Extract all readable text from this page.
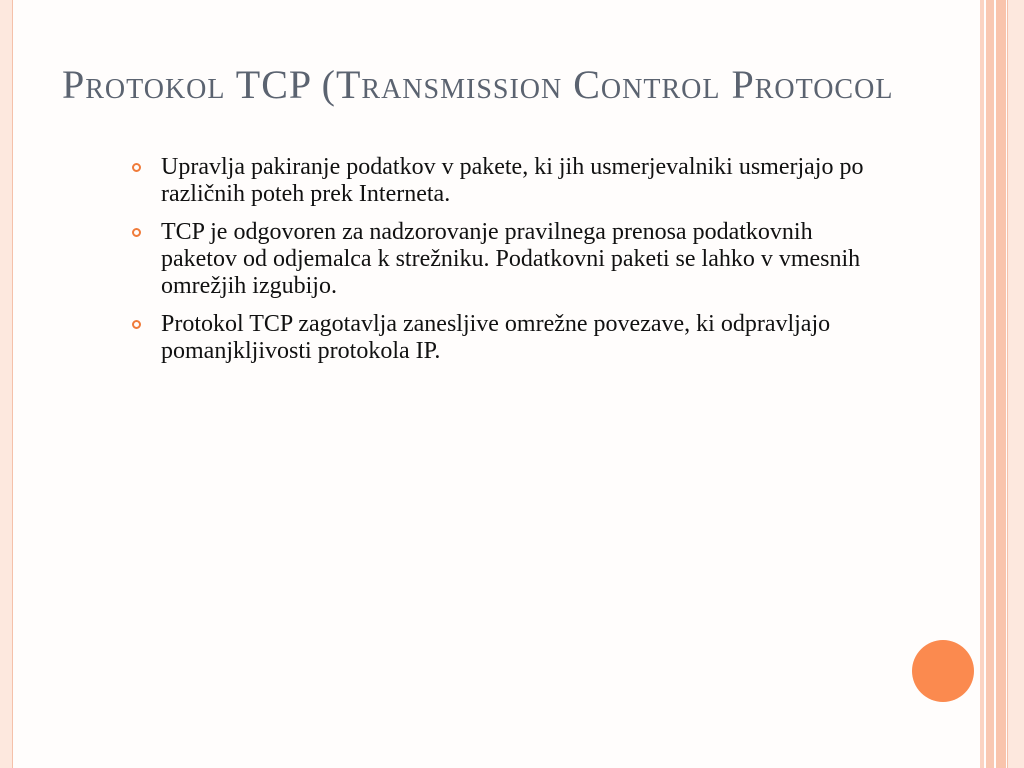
Protokol TCP (Transmission Control Protocol
Upravlja pakiranje podatkov v pakete, ki jih usmerjevalniki usmerjajo po različnih poteh prek Interneta.
TCP je odgovoren za nadzorovanje pravilnega prenosa podatkovnih paketov od odjemalca k strežniku. Podatkovni paketi se lahko v vmesnih omrežjih izgubijo.
Protokol TCP zagotavlja zanesljive omrežne povezave, ki odpravljajo pomanjkljivosti protokola IP.
